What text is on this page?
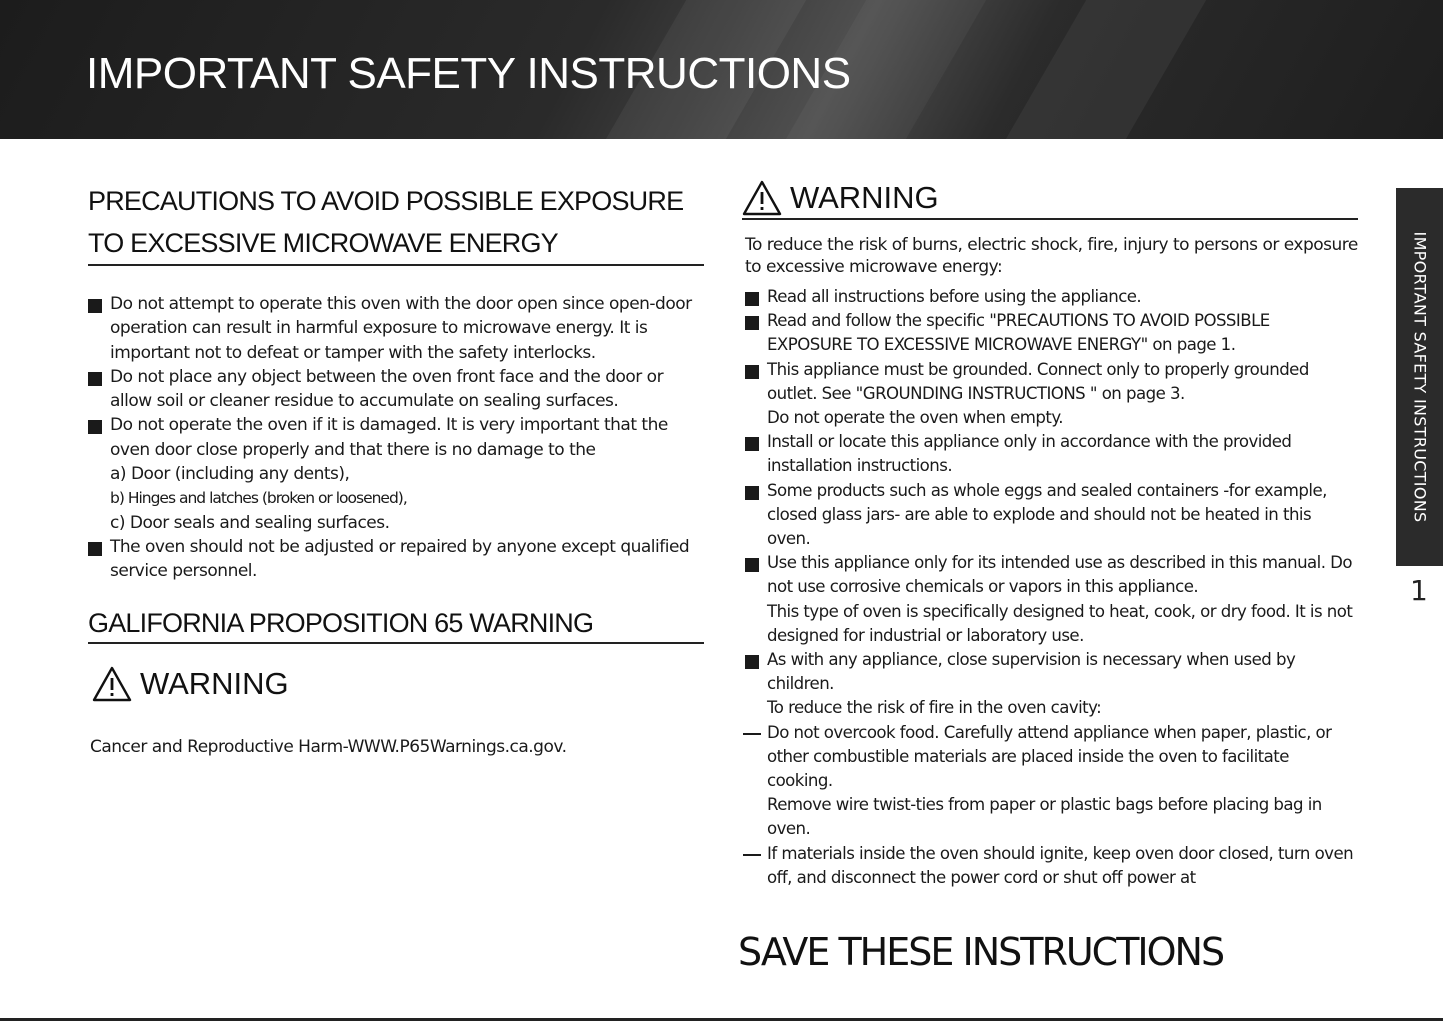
IMPORTANT SAFETY INSTRUCTIONS
PRECAUTIONS TO AVOID POSSIBLE EXPOSURE
TO EXCESSIVE MICROWAVE ENERGY
Do not attempt to operate this oven with the door open since open-door operation can result in harmful exposure to microwave energy. It is important not to defeat or tamper with the safety interlocks.
Do not place any object between the oven front face and the door or allow soil or cleaner residue to accumulate on sealing surfaces.
Do not operate the oven if it is damaged. It is very important that the oven door close properly and that there is no damage to the
a) Door (including any dents),
b) Hinges and latches (broken or loosened),
c) Door seals and sealing surfaces.
The oven should not be adjusted or repaired by anyone except qualified service personnel.
GALIFORNIA PROPOSITION 65 WARNING
WARNING
Cancer and Reproductive Harm-WWW.P65Warnings.ca.gov.
WARNING
To reduce the risk of burns, electric shock, fire, injury to persons or exposure to excessive microwave energy:
Read all instructions before using the appliance.
Read and follow the specific "PRECAUTIONS TO AVOID POSSIBLE EXPOSURE TO EXCESSIVE MICROWAVE ENERGY" on page 1.
This appliance must be grounded. Connect only to properly grounded outlet. See "GROUNDING INSTRUCTIONS " on page 3.
Do not operate the oven when empty.
Install or locate this appliance only in accordance with the provided installation instructions.
Some products such as whole eggs and sealed containers -for example, closed glass jars- are able to explode and should not be heated in this oven.
Use this appliance only for its intended use as described in this manual. Do not use corrosive chemicals or vapors in this appliance.
This type of oven is specifically designed to heat, cook, or dry food. It is not designed for industrial or laboratory use.
As with any appliance, close supervision is necessary when used by children.
To reduce the risk of fire in the oven cavity:
Do not overcook food. Carefully attend appliance when paper, plastic, or other combustible materials are placed inside the oven to facilitate cooking.
Remove wire twist-ties from paper or plastic bags before placing bag in oven.
If materials inside the oven should ignite, keep oven door closed, turn oven off, and disconnect the power cord or shut off power at
SAVE THESE INSTRUCTIONS
IMPORTANT SAFETY INSTRUCTIONS
1
